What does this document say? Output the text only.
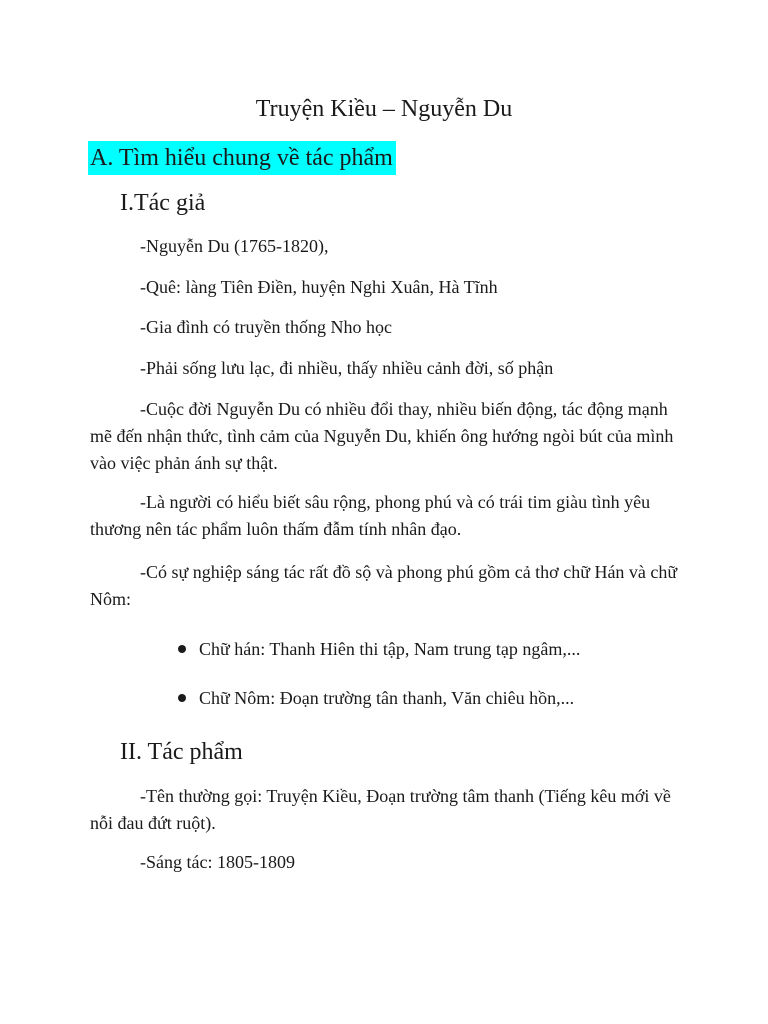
Truyện Kiều – Nguyễn Du
A. Tìm hiểu chung về tác phẩm
I.Tác giả
-Nguyễn Du (1765-1820),
-Quê: làng Tiên Điền, huyện Nghi Xuân, Hà Tĩnh
-Gia đình có truyền thống Nho học
-Phải sống lưu lạc, đi nhiều, thấy nhiều cảnh đời, số phận
-Cuộc đời Nguyễn Du có nhiều đổi thay, nhiều biến động, tác động mạnh mẽ đến nhận thức, tình cảm của Nguyễn Du, khiến ông hướng ngòi bút của mình vào việc phản ánh sự thật.
-Là người có hiểu biết sâu rộng, phong phú và có trái tim giàu tình yêu thương nên tác phẩm luôn thấm đẫm tính nhân đạo.
-Có sự nghiệp sáng tác rất đồ sộ và phong phú gồm cả thơ chữ Hán và chữ Nôm:
Chữ hán: Thanh Hiên thi tập, Nam trung tạp ngâm,...
Chữ Nôm: Đoạn trường tân thanh, Văn chiêu hồn,...
II. Tác phẩm
-Tên thường gọi: Truyện Kiều, Đoạn trường tâm thanh (Tiếng kêu mới về nỗi đau đứt ruột).
-Sáng tác: 1805-1809
